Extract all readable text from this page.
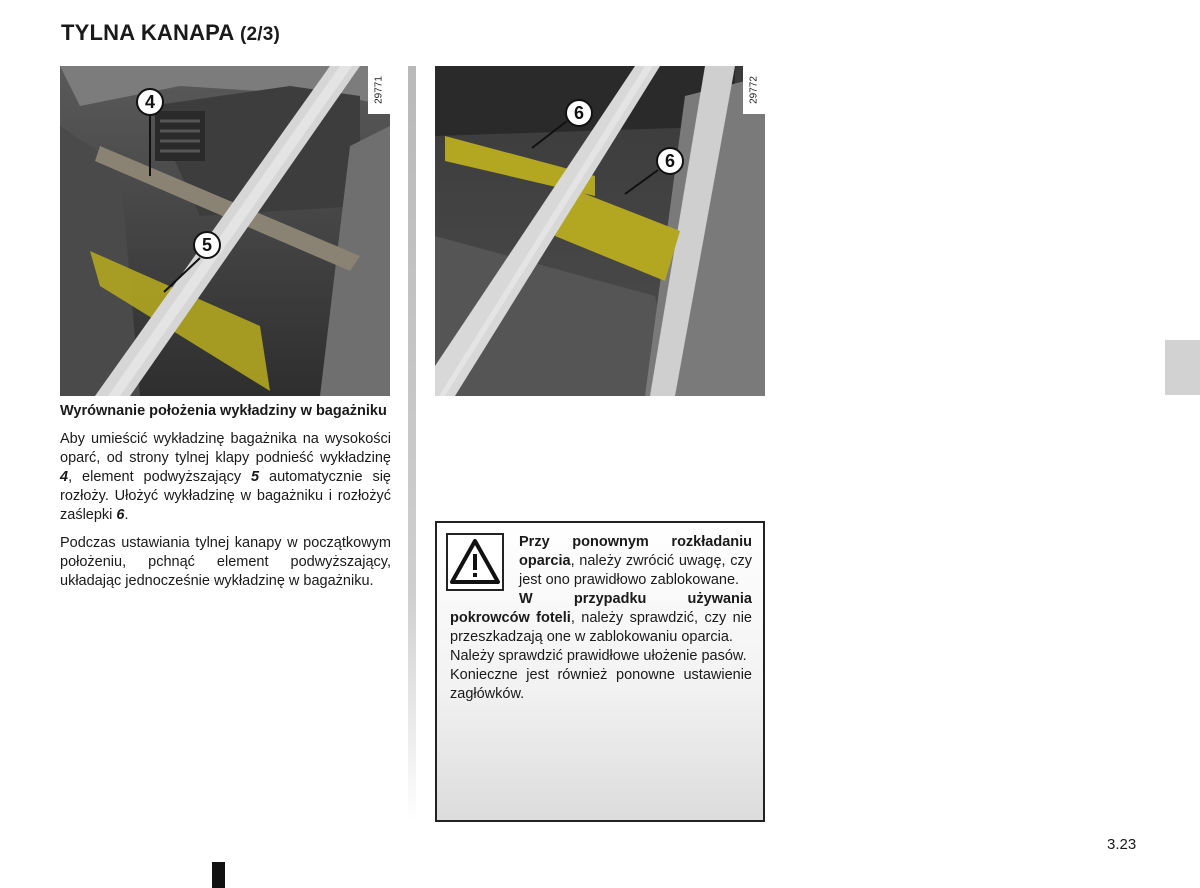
TYLNA KANAPA (2/3)
29771
4
5
29772
6
6

Wyrównanie położenia wykładziny w bagażniku

Aby umieścić wykładzinę bagażnika na wysokości oparć, od strony tylnej klapy podnieść wykładzinę 4, element podwyższający 5 automatycznie się rozłoży. Ułożyć wykładzinę w bagażniku i rozłożyć zaślepki 6.

Podczas ustawiania tylnej kanapy w początkowym położeniu, pchnąć element podwyższający, układając jednocześnie wykładzinę w bagażniku.

Przy ponownym rozkładaniu oparcia, należy zwrócić uwagę, czy jest ono prawidłowo zablokowane.

W przypadku używania pokrowców foteli, należy sprawdzić, czy nie przeszkadzają one w zablokowaniu oparcia.

Należy sprawdzić prawidłowe ułożenie pasów.

Konieczne jest również ponowne ustawienie zagłówków.

3.23
